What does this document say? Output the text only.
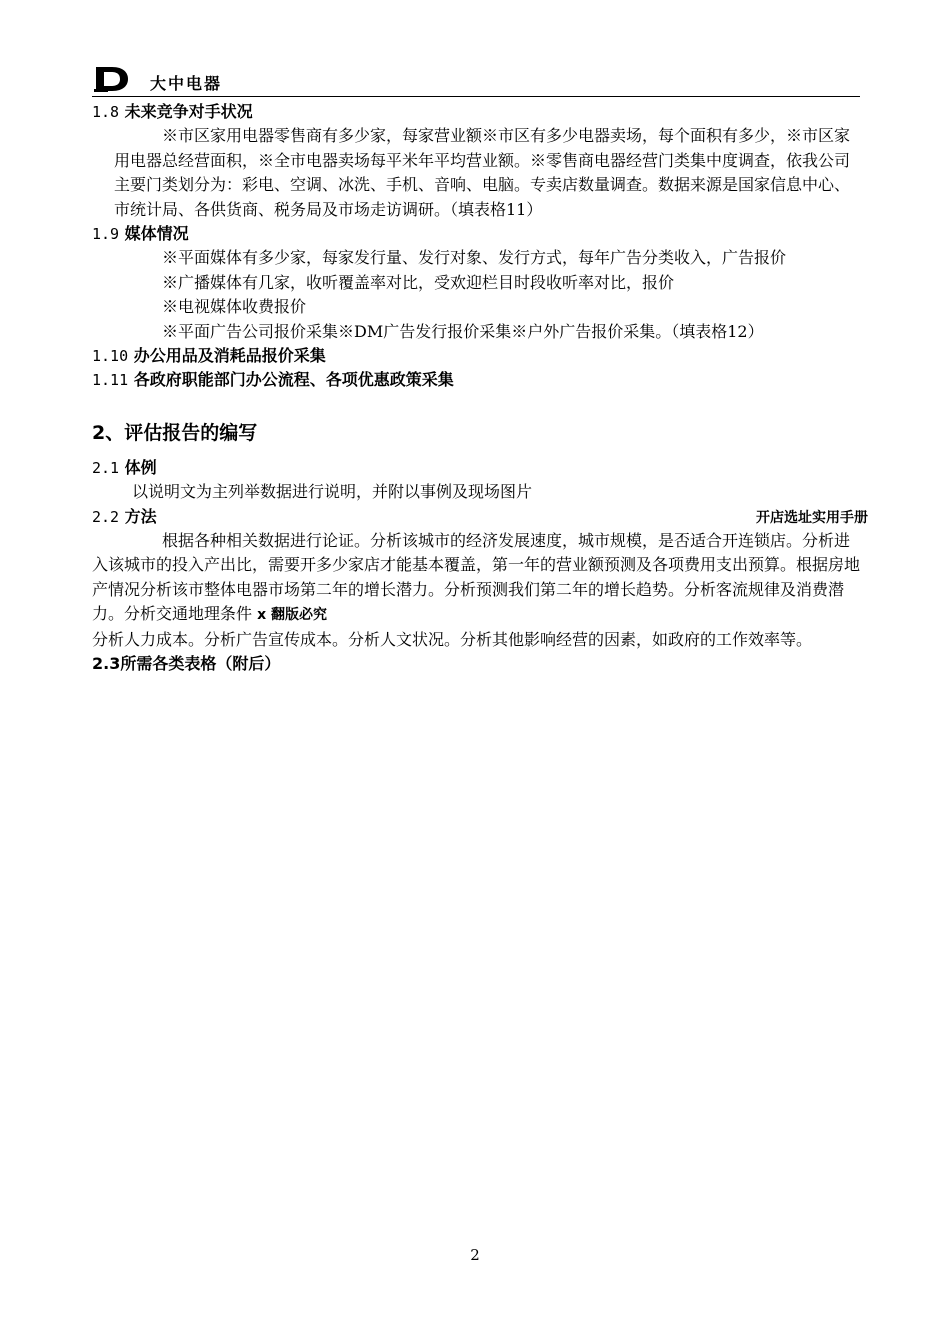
大中电器

1.8 未来竞争对手状况

※市区家用电器零售商有多少家，每家营业额※市区有多少电器卖场，每个面积有多少，※市区家用电器总经营面积，※全市电器卖场每平米年平均营业额。※零售商电器经营门类集中度调查，依我公司主要门类划分为：彩电、空调、冰洗、手机、音响、电脑。专卖店数量调查。数据来源是国家信息中心、市统计局、各供货商、税务局及市场走访调研。（填表格11）

1.9 媒体情况

※平面媒体有多少家，每家发行量、发行对象、发行方式，每年广告分类收入，广告报价

※广播媒体有几家，收听覆盖率对比，受欢迎栏目时段收听率对比，报价

※电视媒体收费报价

※平面广告公司报价采集※DM广告发行报价采集※户外广告报价采集。（填表格12）

1.10 办公用品及消耗品报价采集

1.11 各政府职能部门办公流程、各项优惠政策采集

2、评估报告的编写

2.1 体例

以说明文为主列举数据进行说明，并附以事例及现场图片

2.2 方法	开店选址实用手册

根据各种相关数据进行论证。分析该城市的经济发展速度，城市规模，是否适合开连锁店。分析进入该城市的投入产出比，需要开多少家店才能基本覆盖，第一年的营业额预测及各项费用支出预算。根据房地产情况分析该市整体电器市场第二年的增长潜力。分析预测我们第二年的增长趋势。分析客流规律及消费潜力。分析交通地理条件 x 翻版必究

分析人力成本。分析广告宣传成本。分析人文状况。分析其他影响经营的因素，如政府的工作效率等。

2.3所需各类表格（附后）

2
